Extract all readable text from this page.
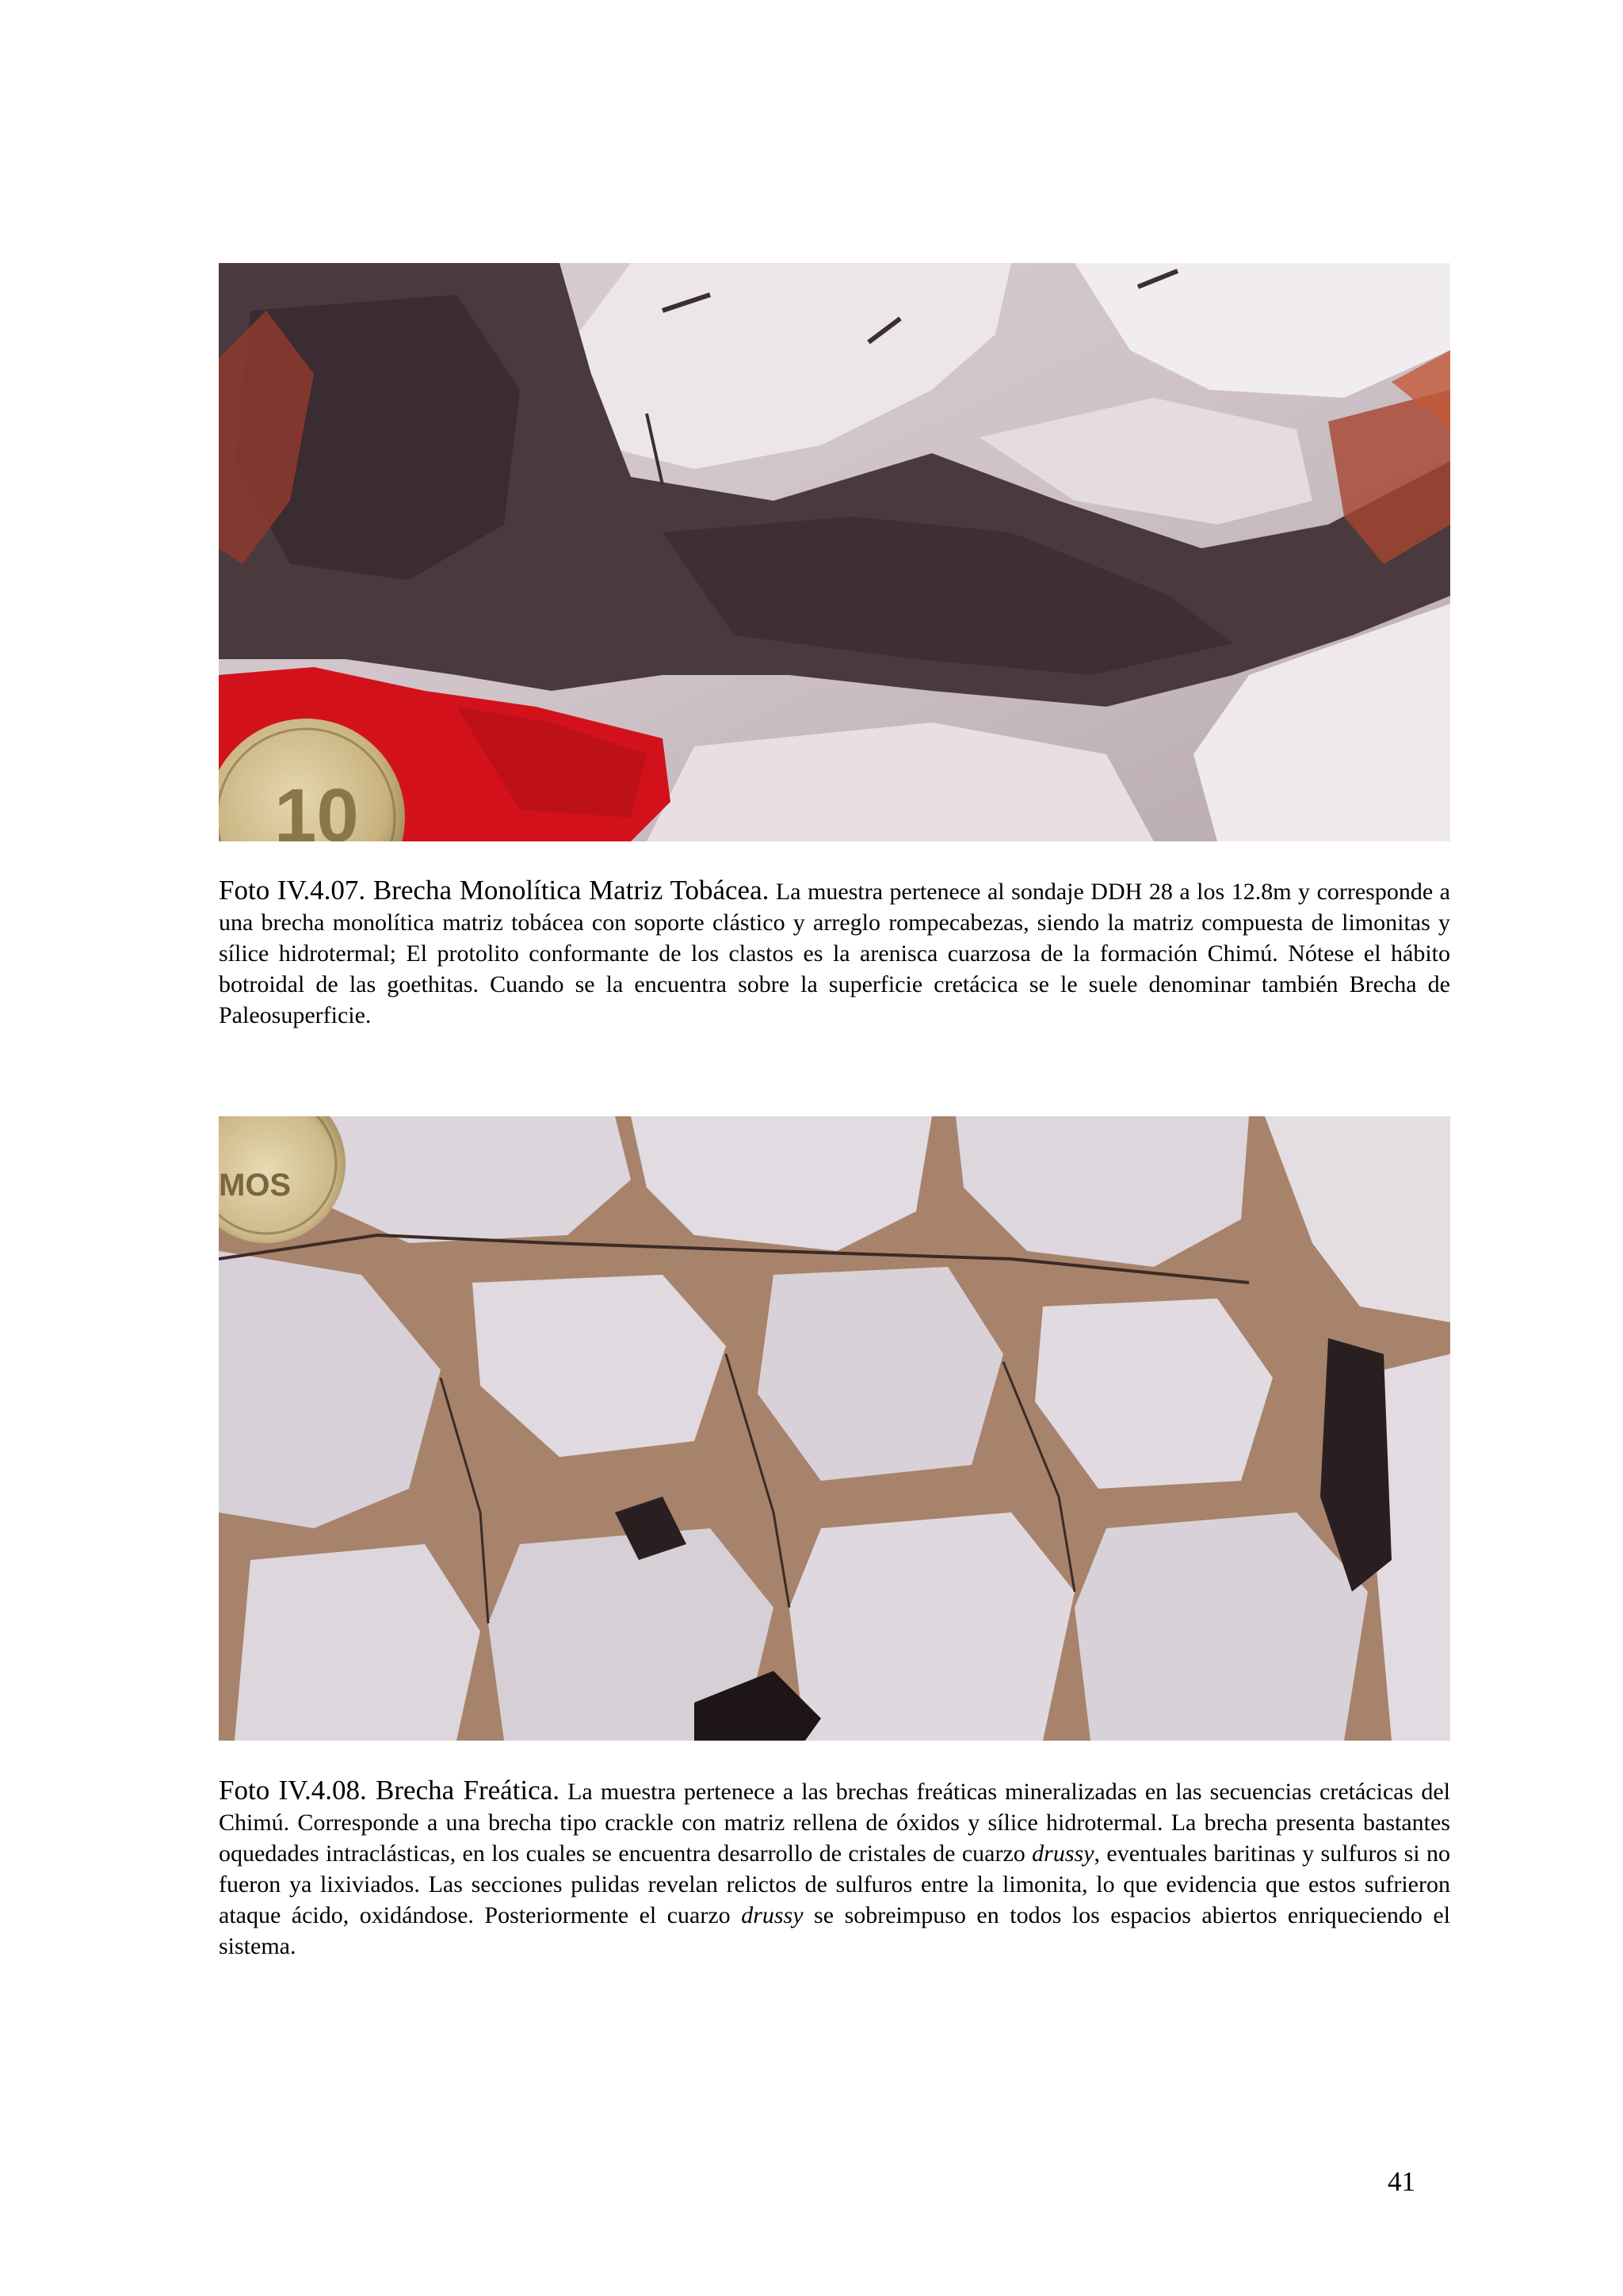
10

Foto IV.4.07. Brecha Monolítica Matriz Tobácea. La muestra pertenece al sondaje DDH 28 a los 12.8m y corresponde a una brecha monolítica matriz tobácea con soporte clástico y arreglo rompecabezas, siendo la matriz compuesta de limonitas y sílice hidrotermal; El protolito conformante de los clastos es la arenisca cuarzosa de la formación Chimú. Nótese el hábito botroidal de las goethitas. Cuando se la encuentra sobre la superficie cretácica se le suele denominar también Brecha de Paleosuperficie.

MOS

Foto IV.4.08. Brecha Freática. La muestra pertenece a las brechas freáticas mineralizadas en las secuencias cretácicas del Chimú. Corresponde a una brecha tipo crackle con matriz rellena de óxidos y sílice hidrotermal. La brecha presenta bastantes oquedades intraclásticas, en los cuales se encuentra desarrollo de cristales de cuarzo drussy, eventuales baritinas y sulfuros si no fueron ya lixiviados. Las secciones pulidas revelan relictos de sulfuros entre la limonita, lo que evidencia que estos sufrieron ataque ácido, oxidándose. Posteriormente el cuarzo drussy se sobreimpuso en todos los espacios abiertos enriqueciendo el sistema.

41
